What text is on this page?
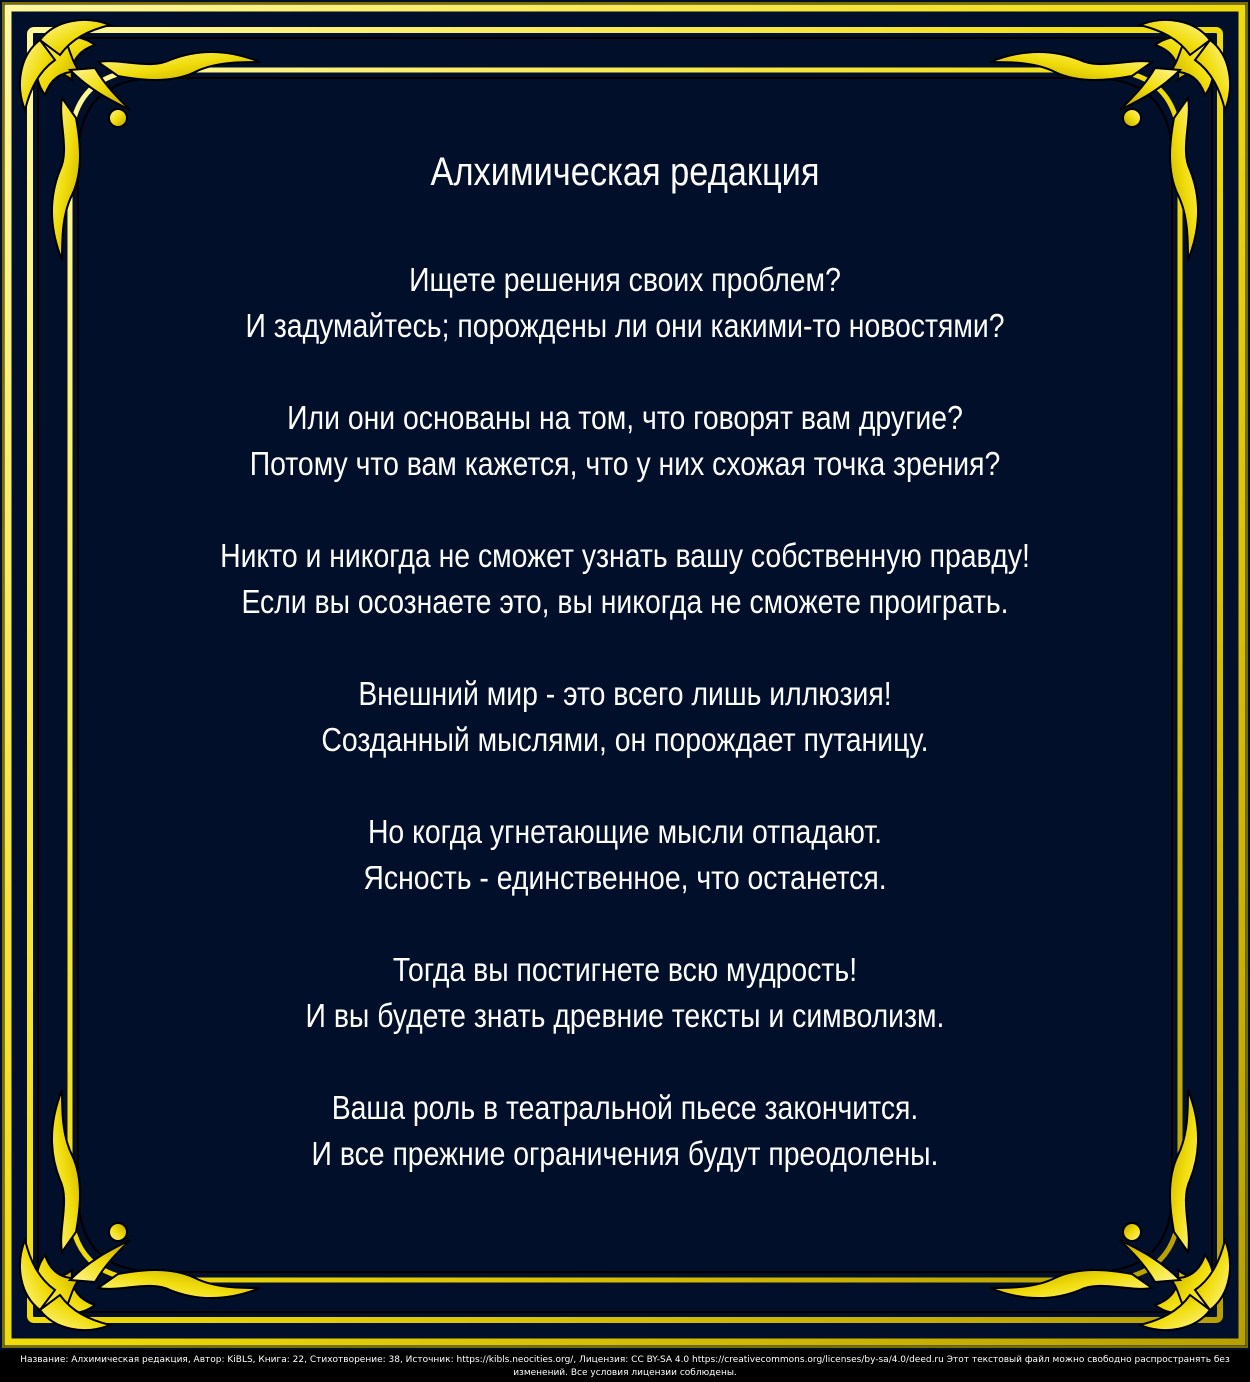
Алхимическая редакция
Ищете решения своих проблем?
И задумайтесь; порождены ли они какими-то новостями?
Или они основаны на том, что говорят вам другие?
Потому что вам кажется, что у них схожая точка зрения?
Никто и никогда не сможет узнать вашу собственную правду!
Если вы осознаете это, вы никогда не сможете проиграть.
Внешний мир - это всего лишь иллюзия!
Созданный мыслями, он порождает путаницу.
Но когда угнетающие мысли отпадают.
Ясность - единственное, что останется.
Тогда вы постигнете всю мудрость!
И вы будете знать древние тексты и символизм.
Ваша роль в театральной пьесе закончится.
И все прежние ограничения будут преодолены.
Название: Алхимическая редакция, Автор: KiBLS, Книга: 22, Стихотворение: 38, Источник: https://kibls.neocities.org/, Лицензия: CC BY-SA 4.0 https://creativecommons.org/licenses/by-sa/4.0/deed.ru Этот текстовый файл можно свободно распространять без изменений. Все условия лицензии соблюдены.
